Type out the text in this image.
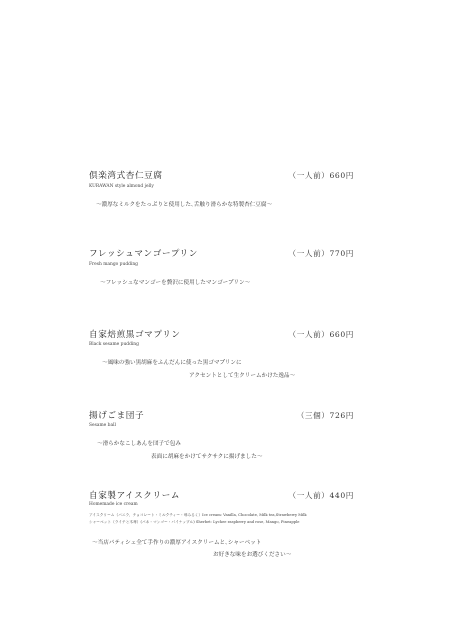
倶楽湾式杏仁豆腐	（一人前）660円
KURAWAN style almond jelly
～濃厚なミルクをたっぷりと使用した､舌触り滑らかな特製杏仁豆腐～
フレッシュマンゴープリン	（一人前）770円
Fresh mango pudding
～フレッシュなマンゴーを贅沢に使用したマンゴープリン～
自家焙煎黒ゴマプリン	（一人前）660円
Black sesame pudding
～風味の強い黒胡麻をふんだんに使った黒ゴマプリンに
アクセントとして生クリームかけた逸品～
揚げごま団子	（三個）726円
Sesame ball
～滑らかなこしあんを団子で包み
表面に胡麻をかけてサクサクに揚げました～
自家製アイスクリーム	（一人前）440円
Homemade ice cream
アイスクリーム（バニラ、チョコレート・ミルクティー・苺みるく）Ice cream: Vanilla, Chocolate, Milk tea,Strawberry Milk
シャーベット（ライチと木苺）(パネ・マンゴー・パイナップル) Sherbet: Lychee raspberry and rose, Mango, Pineapple
～当店パティシェ全て手作りの濃厚アイスクリームと､シャーベット
お好きな味をお選びください～
